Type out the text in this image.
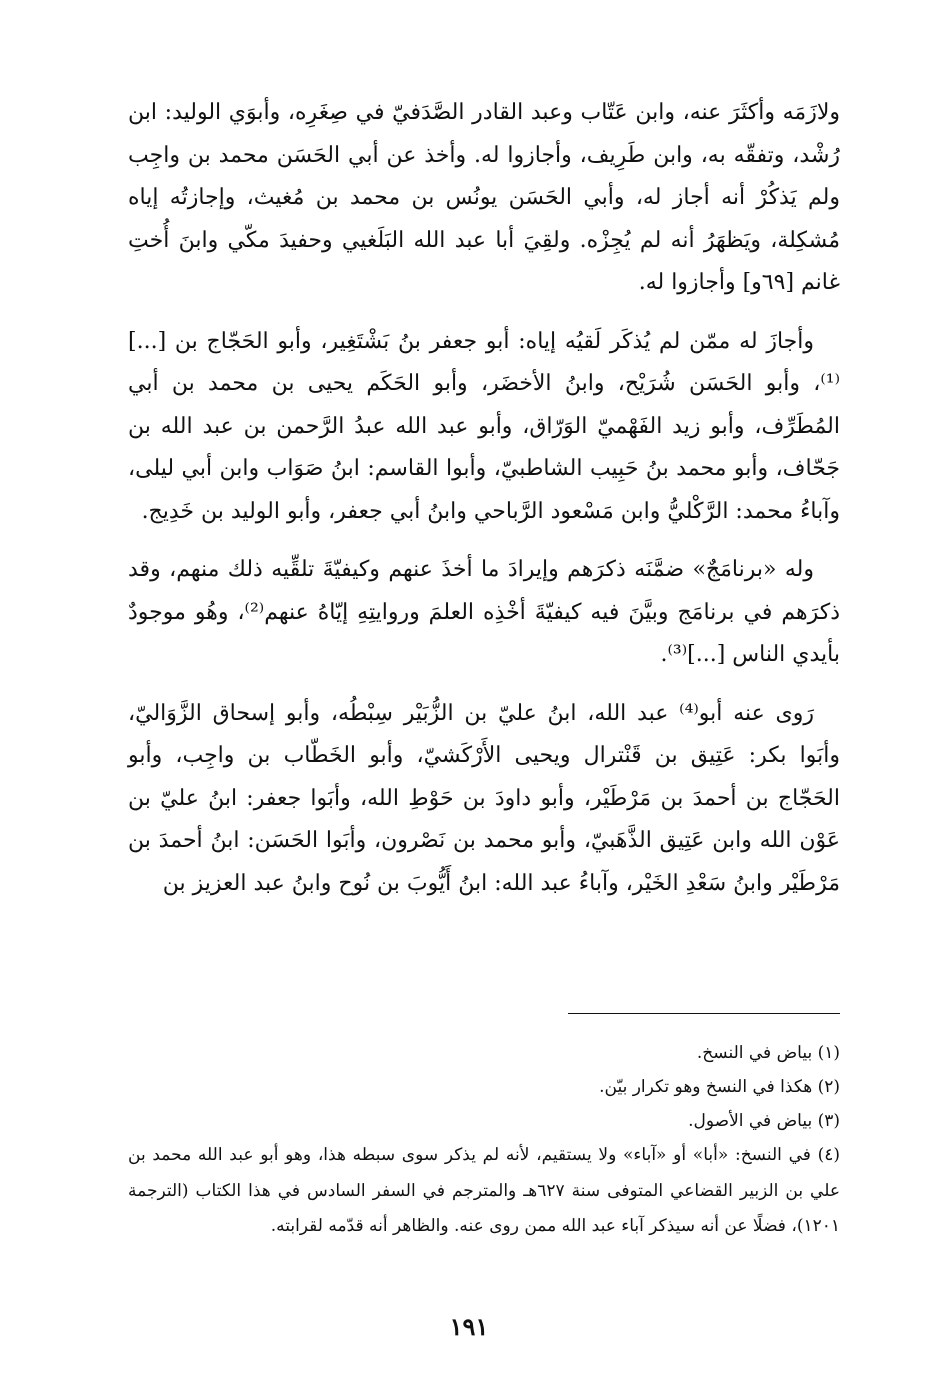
ولازَمَه وأكثَرَ عنه، وابن عَتّاب وعبد القادر الصَّدَفيّ في صِغَرِه، وأبوَي الوليد: ابن رُشْد، وتفقّه به، وابن طَرِيف، وأجازوا له. وأخذ عن أبي الحَسَن محمد بن واجِب ولم يَذكُرْ أنه أجاز له، وأبي الحَسَن يونُس بن محمد بن مُغيث، وإجازتُه إياه مُشكِلة، ويَظهَرُ أنه لم يُجِزْه. ولقِيَ أبا عبد الله البَلَغيي وحفيدَ مكّي وابنَ أُختِ غانم [٦٩و] وأجازوا له.

وأجازَ له ممّن لم يُذكَر لَقيُه إياه: أبو جعفر بنُ بَشْتَغِير، وأبو الحَجّاج بن [...]⁽¹⁾، وأبو الحَسَن شُرَيْح، وابنُ الأخضَر، وأبو الحَكَم يحيى بن محمد بن أبي المُطَرِّف، وأبو زيد الفَهْميّ الوَرّاق، وأبو عبد الله عبدُ الرَّحمن بن عبد الله بن جَحّاف، وأبو محمد بنُ حَبِيب الشاطبيّ، وأبوا القاسم: ابنُ صَوَاب وابن أبي ليلى، وآباءُ محمد: الرَّكْليُّ وابن مَسْعود الرَّباحي وابنُ أبي جعفر، وأبو الوليد بن خَدِيج.

وله «برنامَجٌ» ضمَّنَه ذكرَهم وإيرادَ ما أخذَ عنهم وكيفيّةَ تلقِّيه ذلك منهم، وقد ذكرَهم في برنامَج وبيَّنَ فيه كيفيّةَ أخْذِه العلمَ وروايتِهِ إيّاهُ عنهم⁽²⁾، وهُو موجودٌ بأيدي الناس [...]⁽³⁾.

رَوى عنه أبو⁽⁴⁾ عبد الله، ابنُ عليّ بن الزُّبَيْر سِبْطُه، وأبو إسحاق الزَّوَاليّ، وأبَوا بكر: عَتِيق بن قَنْترال ويحيى الأَرْكَشيّ، وأبو الخَطّاب بن واجِب، وأبو الحَجّاج بن أحمدَ بن مَرْطَيْر، وأبو داودَ بن حَوْطِ الله، وأبَوا جعفر: ابنُ عليّ بن عَوْن الله وابن عَتِيق الذَّهَبيّ، وأبو محمد بن نَصْرون، وأبَوا الحَسَن: ابنُ أحمدَ بن مَرْطَيْر وابنُ سَعْدِ الخَيْر، وآباءُ عبد الله: ابنُ أَيُّوبَ بن نُوح وابنُ عبد العزيز بن

(١) بياض في النسخ.

(٢) هكذا في النسخ وهو تكرار بيّن.

(٣) بياض في الأصول.

(٤) في النسخ: «أبا» أو «آباء» ولا يستقيم، لأنه لم يذكر سوى سبطه هذا، وهو أبو عبد الله محمد بن علي بن الزبير القضاعي المتوفى سنة ٦٢٧هـ والمترجم في السفر السادس في هذا الكتاب (الترجمة ١٢٠١)، فضلًا عن أنه سيذكر آباء عبد الله ممن روى عنه. والظاهر أنه قدّمه لقرابته.

١٩١
